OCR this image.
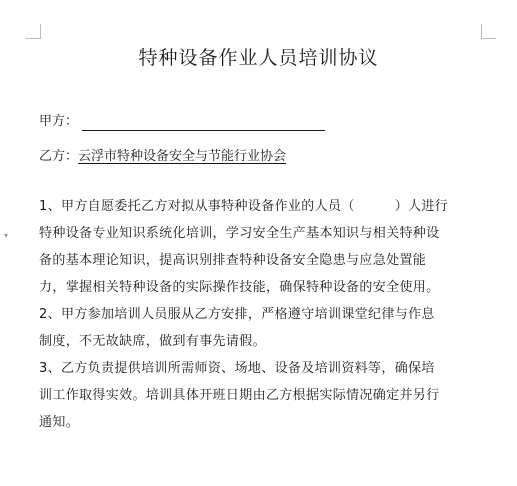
▾
特种设备作业人员培训协议
甲方：
乙方：云浮市特种设备安全与节能行业协会

1、甲方自愿委托乙方对拟从事特种设备作业的人员（　　　）人进行

特种设备专业知识系统化培训，学习安全生产基本知识与相关特种设

备的基本理论知识，提高识别排查特种设备安全隐患与应急处置能

力，掌握相关特种设备的实际操作技能，确保特种设备的安全使用。

2、甲方参加培训人员服从乙方安排，严格遵守培训课堂纪律与作息

制度，不无故缺席，做到有事先请假。

3、乙方负责提供培训所需师资、场地、设备及培训资料等，确保培

训工作取得实效。培训具体开班日期由乙方根据实际情况确定并另行

通知。
